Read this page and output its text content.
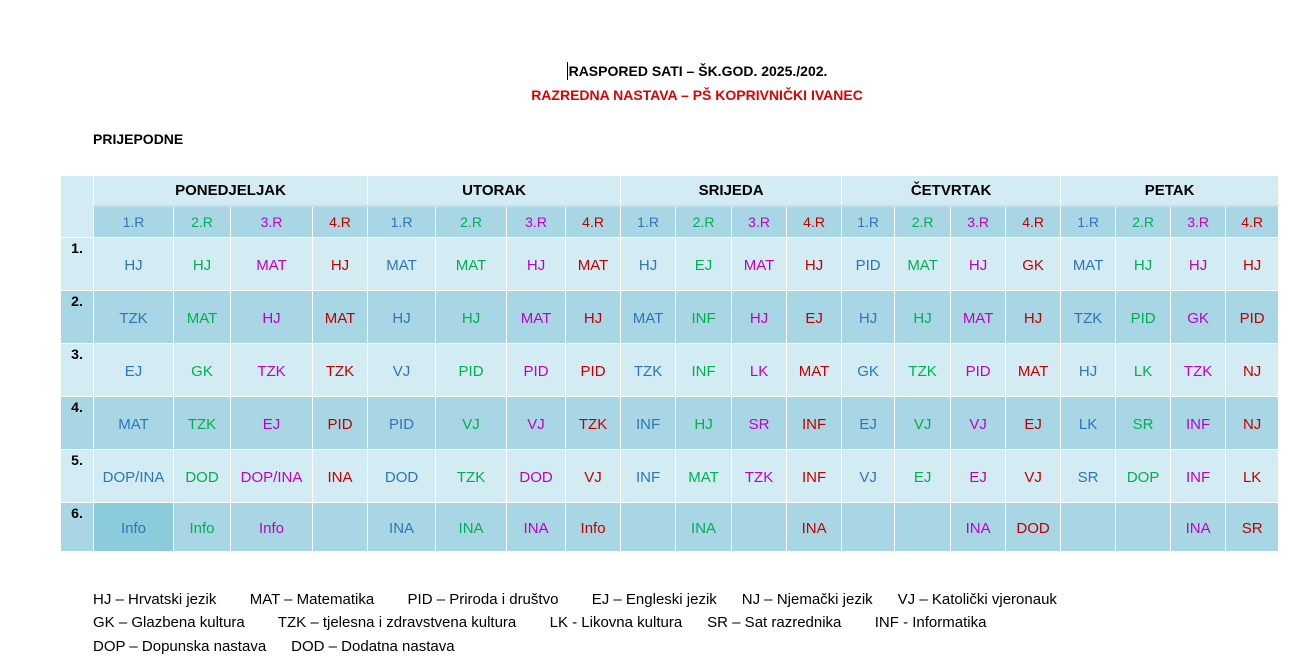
RASPORED SATI – ŠK.GOD. 2025./202.
RAZREDNA NASTAVA – PŠ KOPRIVNIČKI IVANEC
PRIJEPODNE
	PONEDJELJAK				UTORAK				SRIJEDA				ČETVRTAK				PETAK			
	1.R	2.R	3.R	4.R	1.R	2.R	3.R	4.R	1.R	2.R	3.R	4.R	1.R	2.R	3.R	4.R	1.R	2.R	3.R	4.R
1.	HJ	HJ	MAT	HJ	MAT	MAT	HJ	MAT	HJ	EJ	MAT	HJ	PID	MAT	HJ	GK	MAT	HJ	HJ	HJ
2.	TZK	MAT	HJ	MAT	HJ	HJ	MAT	HJ	MAT	INF	HJ	EJ	HJ	HJ	MAT	HJ	TZK	PID	GK	PID
3.	EJ	GK	TZK	TZK	VJ	PID	PID	PID	TZK	INF	LK	MAT	GK	TZK	PID	MAT	HJ	LK	TZK	NJ
4.	MAT	TZK	EJ	PID	PID	VJ	VJ	TZK	INF	HJ	SR	INF	EJ	VJ	VJ	EJ	LK	SR	INF	NJ
5.	DOP/INA	DOD	DOP/INA	INA	DOD	TZK	DOD	VJ	INF	MAT	TZK	INF	VJ	EJ	EJ	VJ	SR	DOP	INF	LK
6.	Info	Info	Info		INA	INA	INA	Info		INA		INA			INA	DOD			INA	SR
HJ – Hrvatski jezik        MAT – Matematika        PID – Priroda i društvo        EJ – Engleski jezik      NJ – Njemački jezik      VJ – Katolički vjeronauk
GK – Glazbena kultura        TZK – tjelesna i zdravstvena kultura        LK - Likovna kultura      SR – Sat razrednika        INF - Informatika
DOP – Dopunska nastava      DOD – Dodatna nastava
